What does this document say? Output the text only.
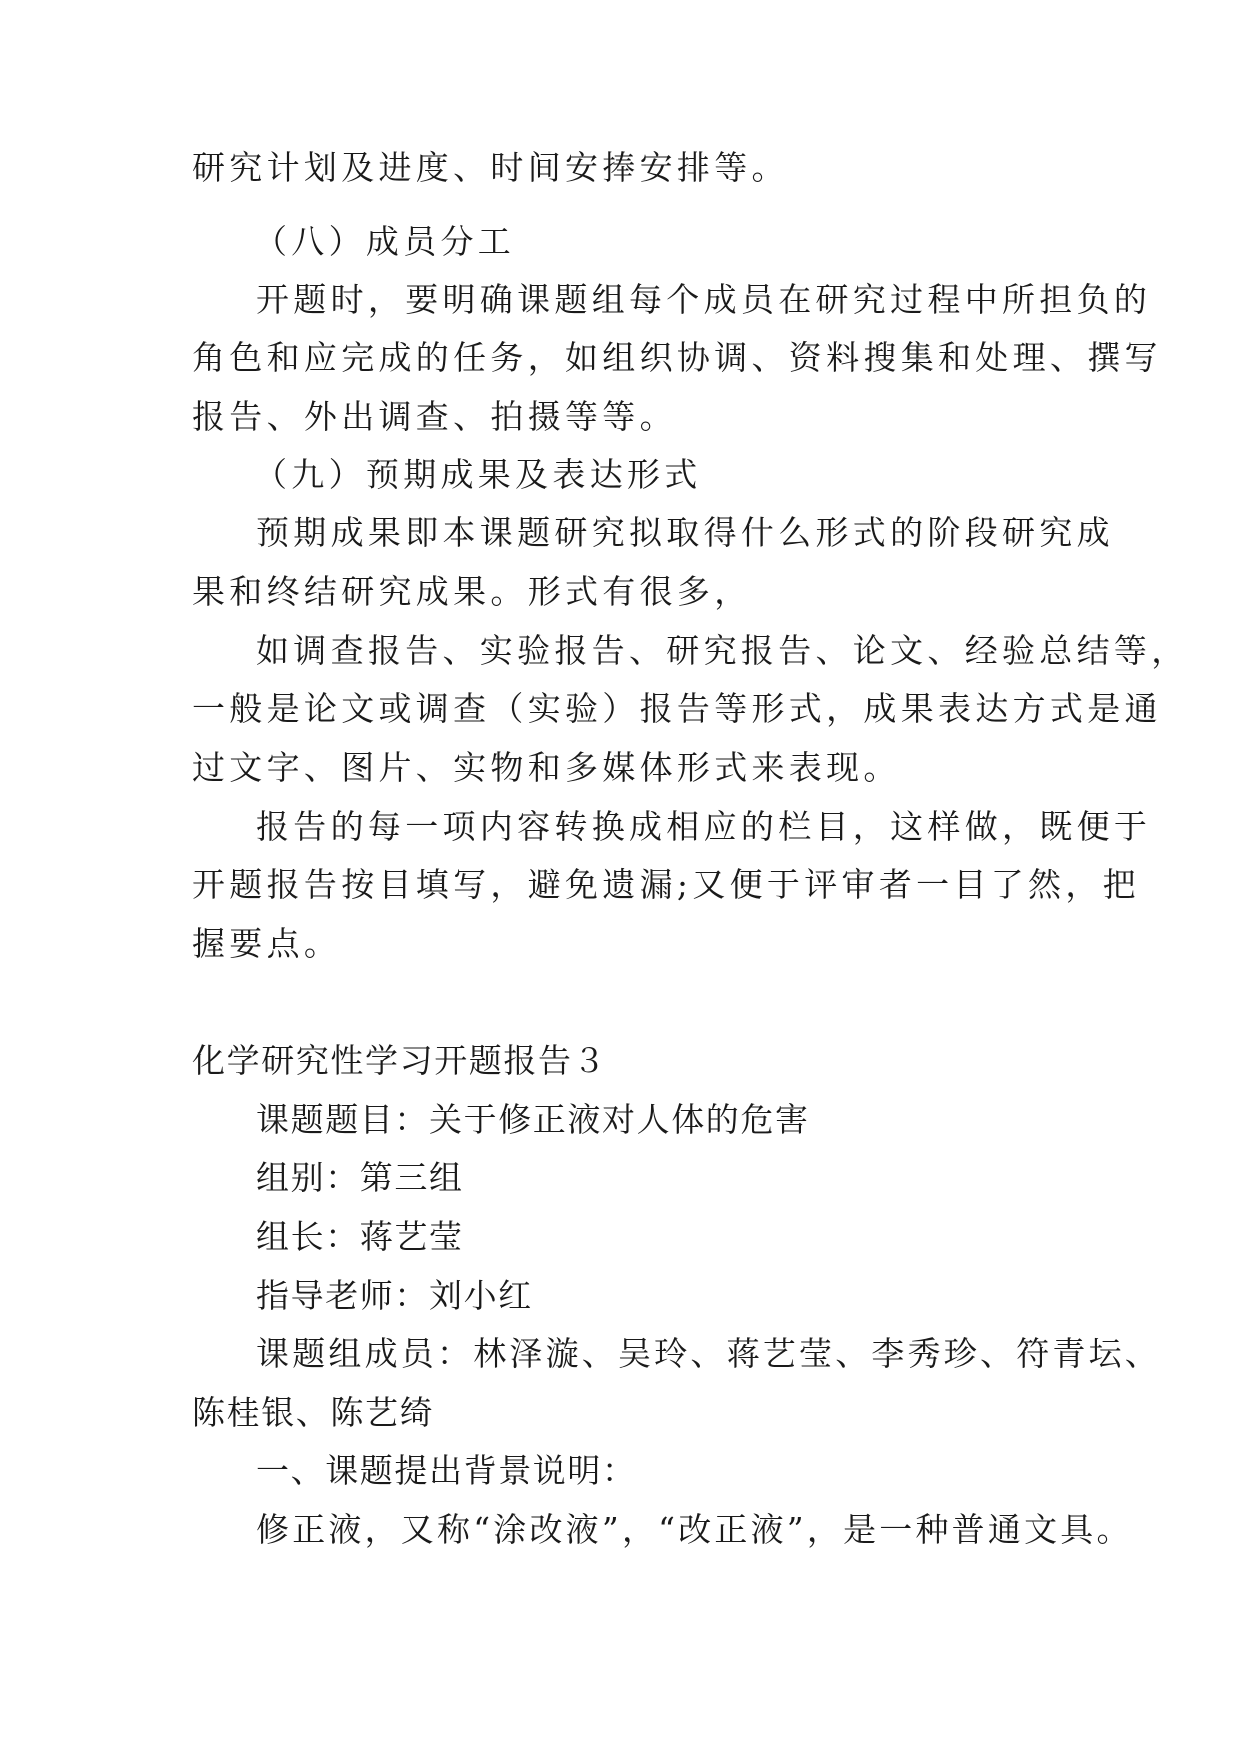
研究计划及进度、时间安捧安排等。
（八）成员分工
开题时，要明确课题组每个成员在研究过程中所担负的
角色和应完成的任务，如组织协调、资料搜集和处理、撰写
报告、外出调查、拍摄等等。
（九）预期成果及表达形式
预期成果即本课题研究拟取得什么形式的阶段研究成
果和终结研究成果。形式有很多，
如调查报告、实验报告、研究报告、论文、经验总结等，
一般是论文或调查（实验）报告等形式，成果表达方式是通
过文字、图片、实物和多媒体形式来表现。
报告的每一项内容转换成相应的栏目，这样做，既便于
开题报告按目填写，避免遗漏;又便于评审者一目了然，把
握要点。
化学研究性学习开题报告３
课题题目：关于修正液对人体的危害
组别：第三组
组长：蒋艺莹
指导老师：刘小红
课题组成员：林泽漩、吴玲、蒋艺莹、李秀珍、符青坛、
陈桂银、陈艺绮
一、课题提出背景说明：
修正液，又称“涂改液”，“改正液”，是一种普通文具。
